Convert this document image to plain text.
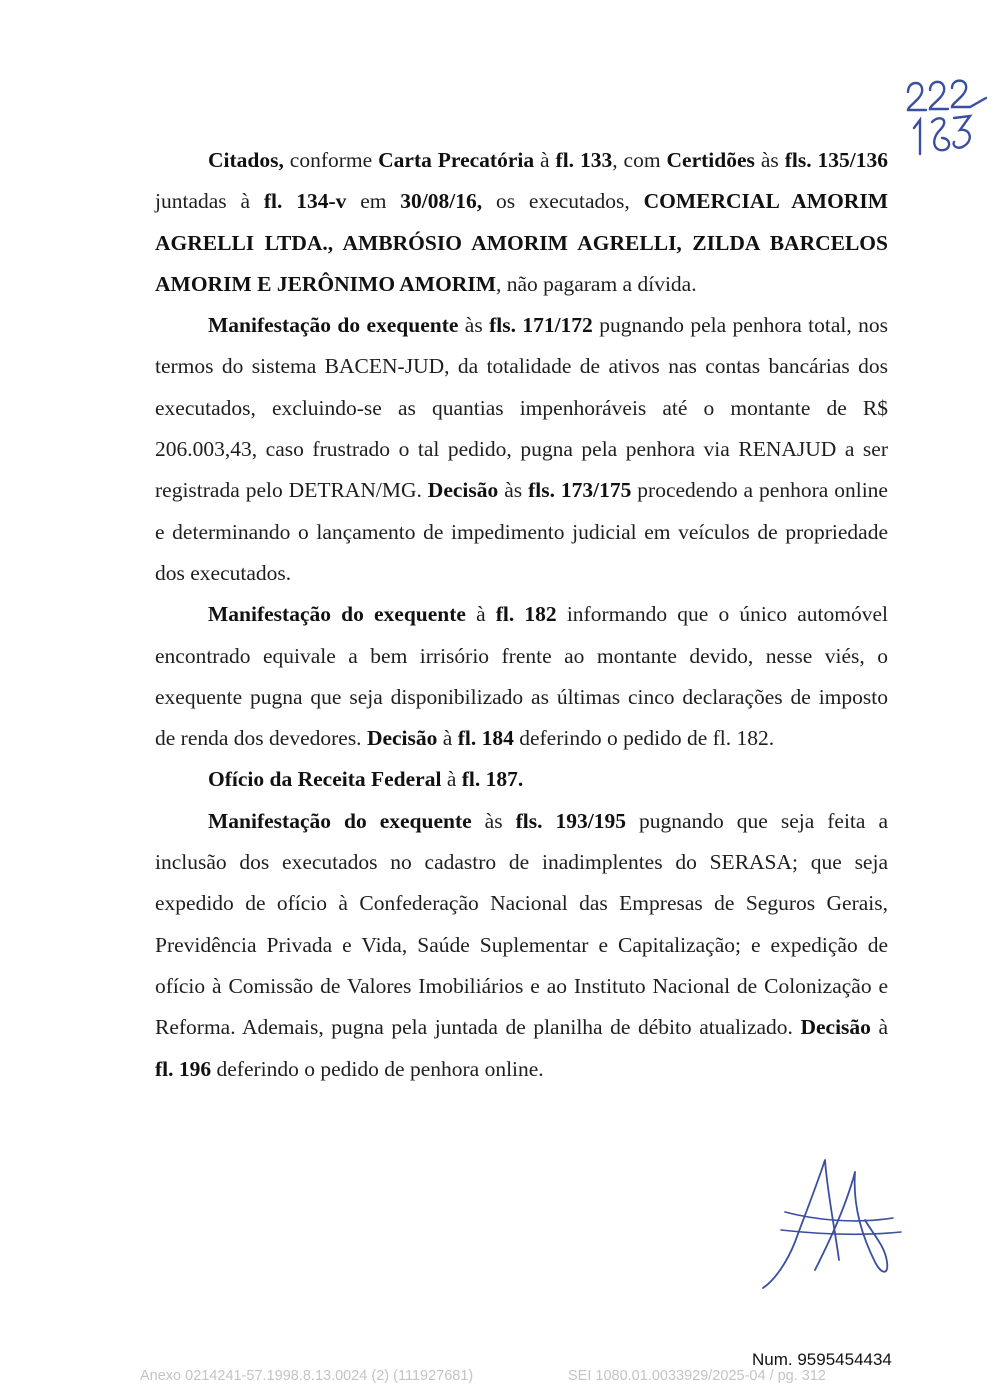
Citados, conforme Carta Precatória à fl. 133, com Certidões às fls. 135/136 juntadas à fl. 134-v em 30/08/16, os executados, COMERCIAL AMORIM AGRELLI LTDA., AMBRÓSIO AMORIM AGRELLI, ZILDA BARCELOS AMORIM E JERÔNIMO AMORIM, não pagaram a dívida.

Manifestação do exequente às fls. 171/172 pugnando pela penhora total, nos termos do sistema BACEN-JUD, da totalidade de ativos nas contas bancárias dos executados, excluindo-se as quantias impenhoráveis até o montante de R$ 206.003,43, caso frustrado o tal pedido, pugna pela penhora via RENAJUD a ser registrada pelo DETRAN/MG. Decisão às fls. 173/175 procedendo a penhora online e determinando o lançamento de impedimento judicial em veículos de propriedade dos executados.

Manifestação do exequente à fl. 182 informando que o único automóvel encontrado equivale a bem irrisório frente ao montante devido, nesse viés, o exequente pugna que seja disponibilizado as últimas cinco declarações de imposto de renda dos devedores. Decisão à fl. 184 deferindo o pedido de fl. 182.

Ofício da Receita Federal à fl. 187.

Manifestação do exequente às fls. 193/195 pugnando que seja feita a inclusão dos executados no cadastro de inadimplentes do SERASA; que seja expedido de ofício à Confederação Nacional das Empresas de Seguros Gerais, Previdência Privada e Vida, Saúde Suplementar e Capitalização; e expedição de ofício à Comissão de Valores Imobiliários e ao Instituto Nacional de Colonização e Reforma. Ademais, pugna pela juntada de planilha de débito atualizado. Decisão à fl. 196 deferindo o pedido de penhora online.

Num. 9595454434
Anexo 0214241-57.1998.8.13.0024 (2) (111927681)	SEI 1080.01.0033929/2025-04 / pg. 312
